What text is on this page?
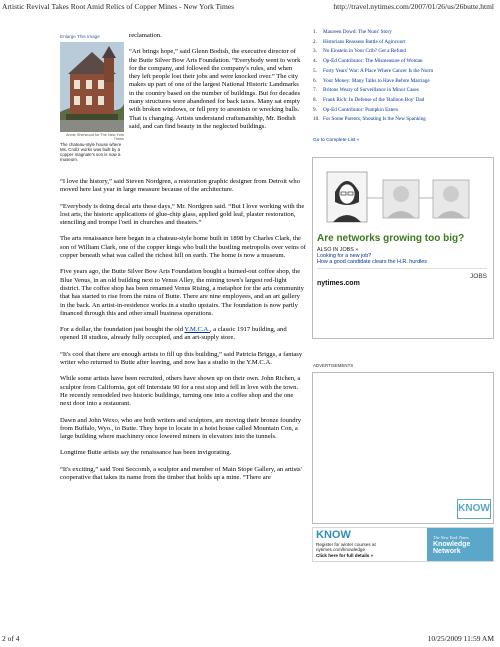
Artistic Revival Takes Root Amid Relics of Copper Mines - New York Times	http://travel.nytimes.com/2007/01/26/us/26butte.html
2 of 4	10/25/2009 11:59 AM
Enlarge This Image
Annie Sherwood for The New York Times
The chateau-style house where Ms. Crollz works was built by a copper magnate's son is now a museum.

reclamation.

“Art brings hope,” said Glenn Bodish, the executive director of the Butte Silver Bow Arts Foundation. “Everybody went to work for the company, and followed the company's rules, and when they left people lost their jobs and were knocked over.” The city makes up part of one of the largest National Historic Landmarks in the country based on the number of buildings. But for decades many structures were abandoned for back taxes. Many sat empty with broken windows, or fell prey to arsonists or wrecking balls. That is changing. Artists understand craftsmanship, Mr. Bodish said, and can find beauty in the neglected buildings.

“I love the history,” said Steven Nordgren, a restoration graphic designer from Detroit who moved here last year in large measure because of the architecture.

“Everybody is doing decal arts these days,” Mr. Nordgren said. “But I love working with the lost arts, the historic applications of glue-chip glass, applied gold leaf, plaster restoration, stenciling and trompe l'oeil in churches and theaters.”

The arts renaissance here began in a chateau-style home built in 1898 by Charles Clark, the son of William Clark, one of the copper kings who built the bustling metropolis over veins of copper beneath what was called the richest hill on earth. The home is now a museum.

Five years ago, the Butte Silver Bow Arts Foundation bought a burned-out coffee shop, the Blue Venus, in an old building next to Venus Alley, the mining town's largest red-light district. The coffee shop has been renamed Venus Rising, a metaphor for the arts community that has started to rise from the ruins of Butte. There are nine employees, and an art gallery in the back. An artist-in-residence works in a studio upstairs. The foundation is now partly financed through this and other small business operations.

For a dollar, the foundation just bought the old Y.M.C.A., a classic 1917 building, and opened 18 studios, already fully occupied, and an art-supply store.

“It's cool that there are enough artists to fill up this building,” said Patricia Briggs, a fantasy writer who returned to Butte after leaving, and now has a studio in the Y.M.C.A.

While some artists have been recruited, others have shown up on their own. John Richen, a sculptor from California, got off Interstate 90 for a rest stop and fell in love with the town. He recently remodeled two historic buildings, turning one into a coffee shop and the one next door into a restaurant.

Dawn and John Wexo, who are both writers and sculptors, are moving their bronze foundry from Buffalo, Wyo., to Butte. They hope to locate in a hoist house called Mountain Con, a large building where machinery once lowered miners in elevators into the tunnels.

Longtime Butte artists say the renaissance has been invigorating.

“It's exciting,” said Toni Seccomb, a sculptor and member of Main Stope Gallery, an artists' cooperative that takes its name from the timber that holds up a mine. “There are

1. Maureen Dowd: The Nuns' Story
2. Historians Reassess Battle of Agincourt
3. No Einstein in Your Crib? Get a Refund
4. Op-Ed Contributor: The Mismeasure of Woman
5. Forty Years' War: A Place Where Cancer Is the Norm
6. Your Money: Many Talks to Have Before Marriage
7. Britons Weary of Surveillance in Minor Cases
8. Frank Rich: In Defense of the 'Balloon Boy' Dad
9. Op-Ed Contributor: Pumpkin Eaters
10. For Some Parents, Shouting Is the New Spanking
Go to Complete List »
Are networks growing too big?
ALSO IN JOBS »
Looking for a new job?
How a good candidate clears the H.R. hurdles
nytimes.com
JOBS
ADVERTISEMENTS
KNOW
KNOW
Register for winter courses at
nytimes.com/knowledge
Click here for full details »
The New York Times
Knowledge Network
